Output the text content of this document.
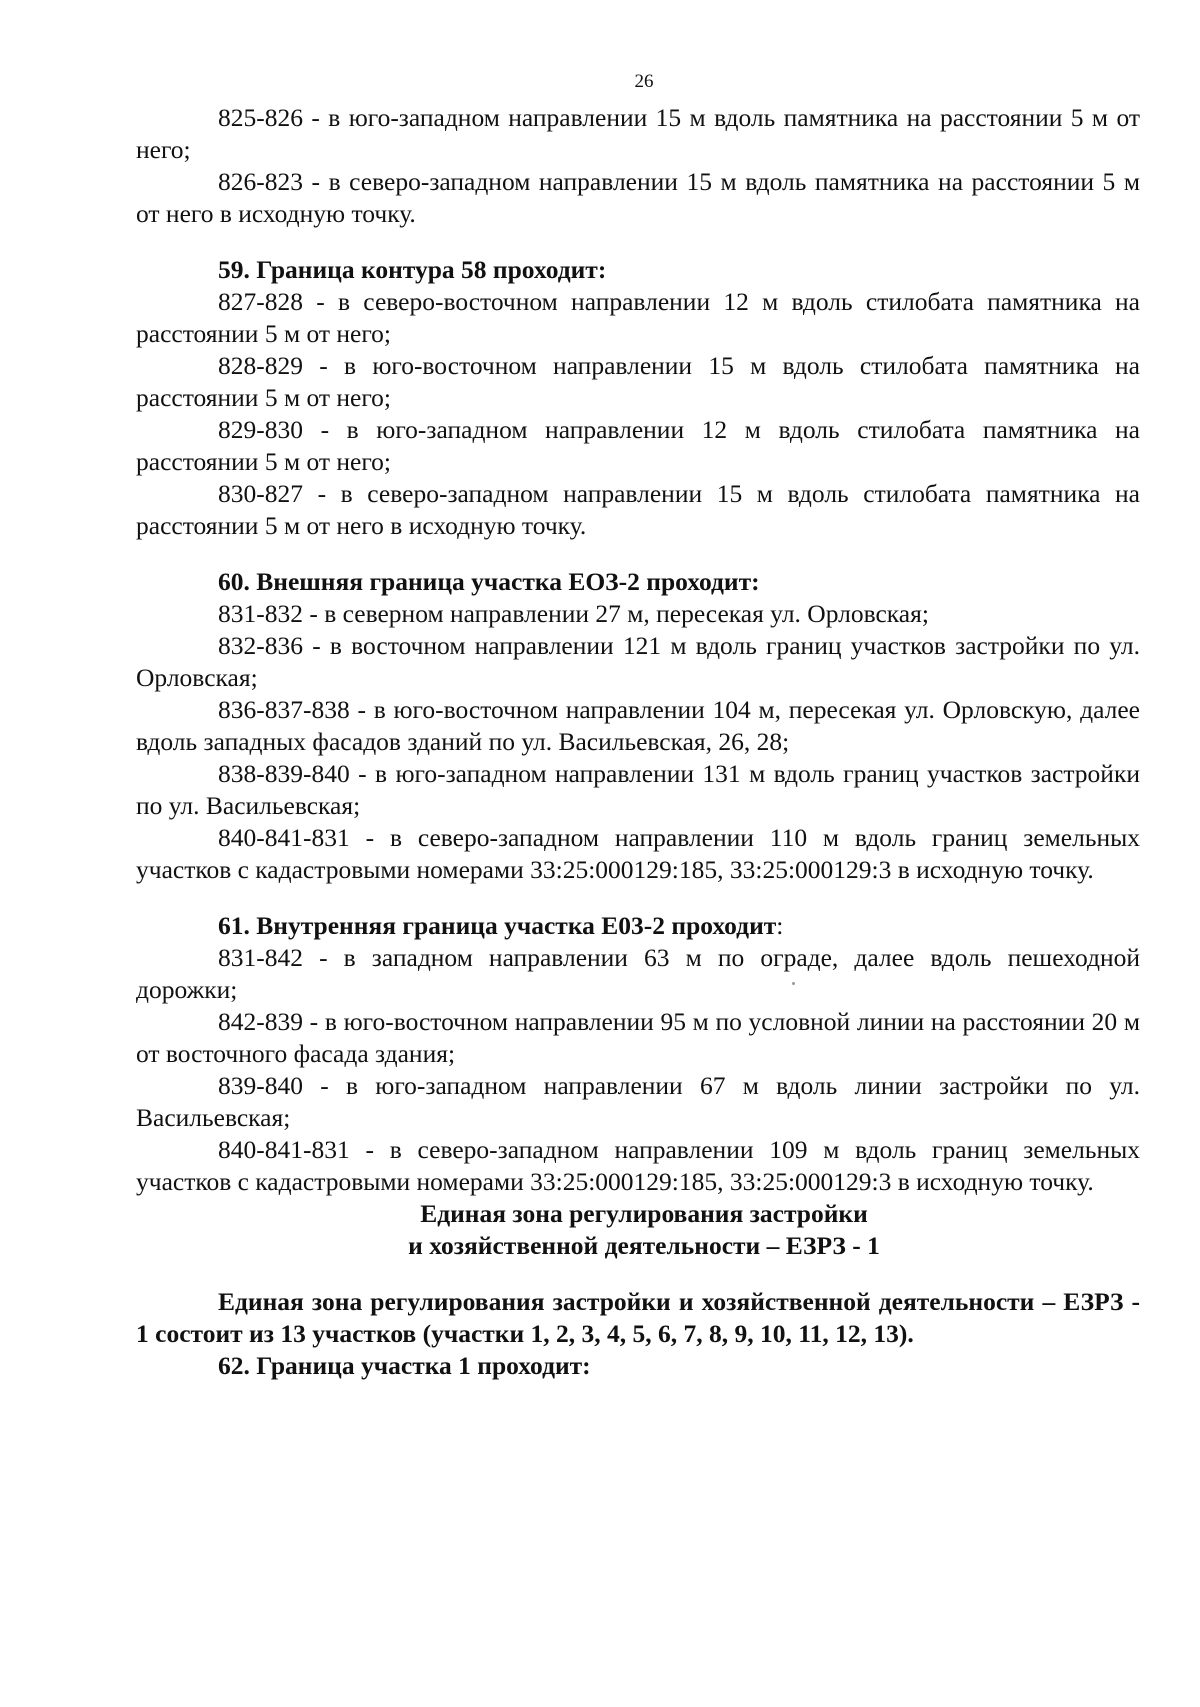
26

825-826 - в юго-западном направлении 15 м вдоль памятника на расстоянии 5 м от него;

826-823 - в северо-западном направлении 15 м вдоль памятника на расстоянии 5 м от него в исходную точку.

59. Граница контура 58 проходит:

827-828 - в северо-восточном направлении 12 м вдоль стилобата памятника на расстоянии 5 м от него;

828-829 - в юго-восточном направлении 15 м вдоль стилобата памятника на расстоянии 5 м от него;

829-830 - в юго-западном направлении 12 м вдоль стилобата памятника на расстоянии 5 м от него;

830-827 - в северо-западном направлении 15 м вдоль стилобата памятника на расстоянии 5 м от него в исходную точку.

60. Внешняя граница участка ЕОЗ-2 проходит:

831-832 - в северном направлении 27 м, пересекая ул. Орловская;

832-836 - в восточном направлении 121 м вдоль границ участков застройки по ул. Орловская;

836-837-838 - в юго-восточном направлении 104 м, пересекая ул. Орловскую, далее вдоль западных фасадов зданий по ул. Васильевская, 26, 28;

838-839-840 - в юго-западном направлении 131 м вдоль границ участков застройки по ул. Васильевская;

840-841-831 - в северо-западном направлении 110 м вдоль границ земельных участков с кадастровыми номерами 33:25:000129:185, 33:25:000129:3 в исходную точку.

61. Внутренняя граница участка Е03-2 проходит:

831-842 - в западном направлении 63 м по ограде, далее вдоль пешеходной дорожки;

842-839 - в юго-восточном направлении 95 м по условной линии на расстоянии 20 м от восточного фасада здания;

839-840 - в юго-западном направлении 67 м вдоль линии застройки по ул. Васильевская;

840-841-831 - в северо-западном направлении 109 м вдоль границ земельных участков с кадастровыми номерами 33:25:000129:185, 33:25:000129:3 в исходную точку.

Единая зона регулирования застройки

и хозяйственной деятельности – ЕЗРЗ - 1

Единая зона регулирования застройки и хозяйственной деятельности – ЕЗРЗ - 1 состоит из 13 участков (участки 1, 2, 3, 4, 5, 6, 7, 8, 9, 10, 11, 12, 13).

62. Граница участка 1 проходит:
